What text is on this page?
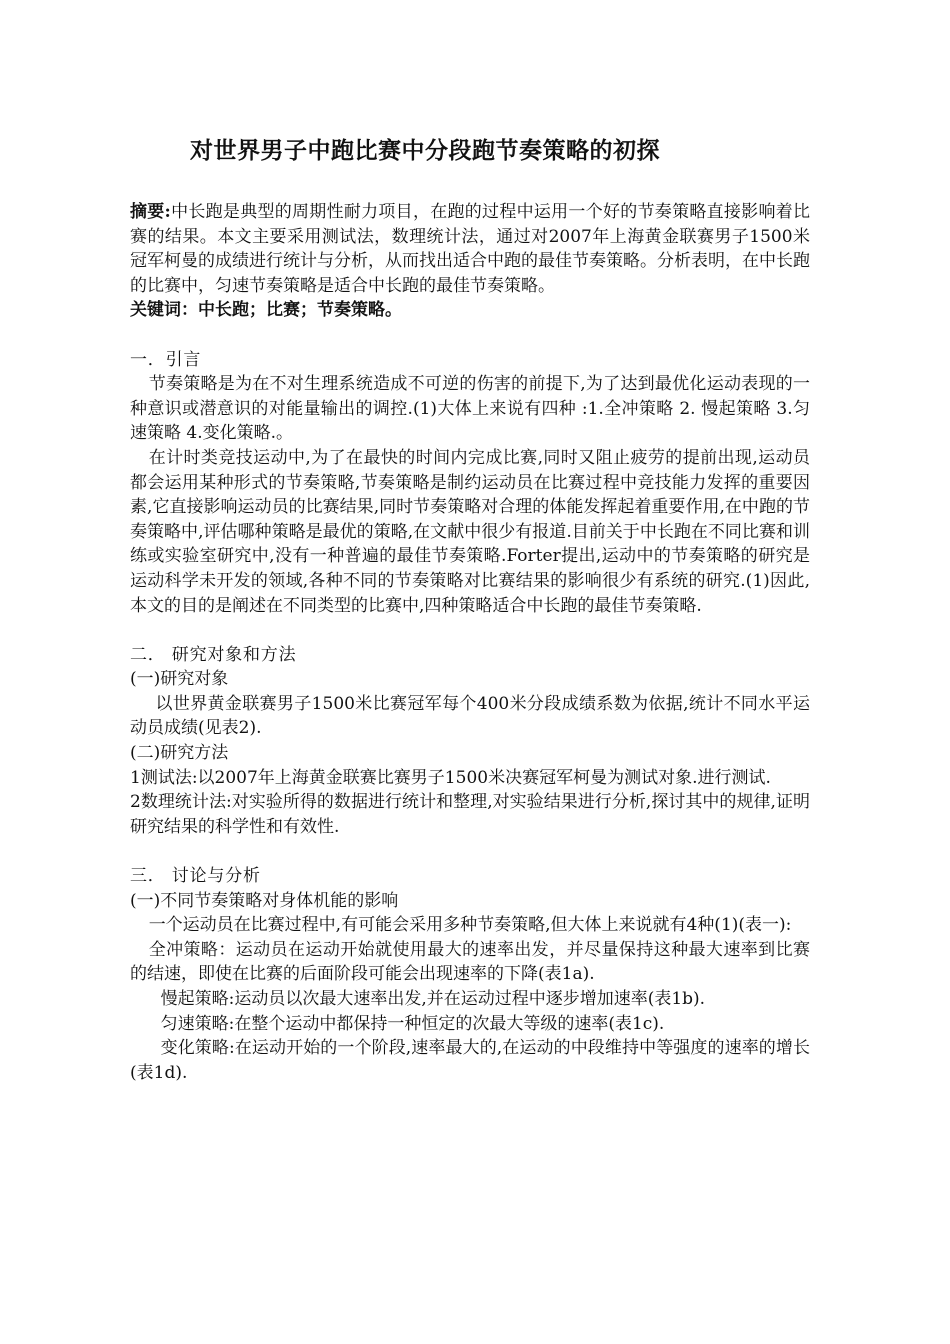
对世界男子中跑比赛中分段跑节奏策略的初探

摘要:中长跑是典型的周期性耐力项目，在跑的过程中运用一个好的节奏策略直接影响着比赛的结果。本文主要采用测试法，数理统计法，通过对2007年上海黄金联赛男子1500米冠军柯曼的成绩进行统计与分析，从而找出适合中跑的最佳节奏策略。分析表明，在中长跑的比赛中，匀速节奏策略是适合中长跑的最佳节奏策略。

关键词：中长跑；比赛；节奏策略。

一．引言

节奏策略是为在不对生理系统造成不可逆的伤害的前提下,为了达到最优化运动表现的一种意识或潜意识的对能量输出的调控.(1)大体上来说有四种 :1.全冲策略 2. 慢起策略 3.匀速策略 4.变化策略.。

在计时类竞技运动中,为了在最快的时间内完成比赛,同时又阻止疲劳的提前出现,运动员都会运用某种形式的节奏策略,节奏策略是制约运动员在比赛过程中竞技能力发挥的重要因素,它直接影响运动员的比赛结果,同时节奏策略对合理的体能发挥起着重要作用,在中跑的节奏策略中,评估哪种策略是最优的策略,在文献中很少有报道.目前关于中长跑在不同比赛和训练或实验室研究中,没有一种普遍的最佳节奏策略.Forter提出,运动中的节奏策略的研究是运动科学未开发的领域,各种不同的节奏策略对比赛结果的影响很少有系统的研究.(1)因此,本文的目的是阐述在不同类型的比赛中,四种策略适合中长跑的最佳节奏策略.

二． 研究对象和方法

(一)研究对象

以世界黄金联赛男子1500米比赛冠军每个400米分段成绩系数为依据,统计不同水平运动员成绩(见表2).

(二)研究方法

1测试法:以2007年上海黄金联赛比赛男子1500米决赛冠军柯曼为测试对象.进行测试.

2数理统计法:对实验所得的数据进行统计和整理,对实验结果进行分析,探讨其中的规律,证明研究结果的科学性和有效性.

三． 讨论与分析

(一)不同节奏策略对身体机能的影响

一个运动员在比赛过程中,有可能会采用多种节奏策略,但大体上来说就有4种(1)(表一):

全冲策略：运动员在运动开始就使用最大的速率出发，并尽量保持这种最大速率到比赛的结速，即使在比赛的后面阶段可能会出现速率的下降(表1a).

慢起策略:运动员以次最大速率出发,并在运动过程中逐步增加速率(表1b).

匀速策略:在整个运动中都保持一种恒定的次最大等级的速率(表1c).

变化策略:在运动开始的一个阶段,速率最大的,在运动的中段维持中等强度的速率的增长(表1d).
